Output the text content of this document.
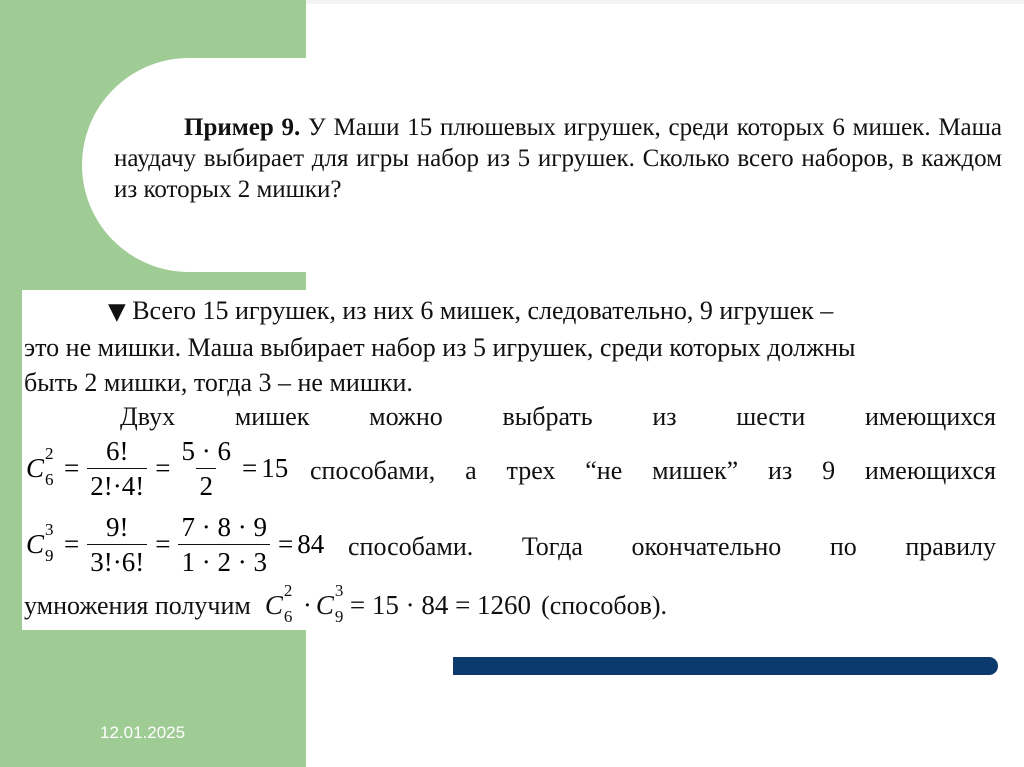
Пример 9. У Маши 15 плюшевых игрушек, среди которых 6 мишек. Маша наудачу выбирает для игры набор из 5 игрушек. Сколько всего наборов, в каждом из которых 2 мишки?

▼ Всего 15 игрушек, из них 6 мишек, следовательно, 9 игрушек –
это не мишки. Маша выбирает набор из 5 игрушек, среди которых должны
быть 2 мишки, тогда 3 – не мишки.
Двух мишек можно выбрать из шести имеющихся
C 2
$6 = \frac{6!}{2!\cdot 4!} = \frac{5 \cdot 6}{2} = 15$ способами, а трех “не мишек” из 9 имеющихся
C 3
$9 = \frac{9!}{3!\cdot 6!} = \frac{7 \cdot 8 \cdot 9}{1 \cdot 2 \cdot 3} = 84$ способами. Тогда окончательно по правилу
умножения получим C 2
6 · C 3
9 = 15 · 84 = 1260 (способов).
12.01.2025
